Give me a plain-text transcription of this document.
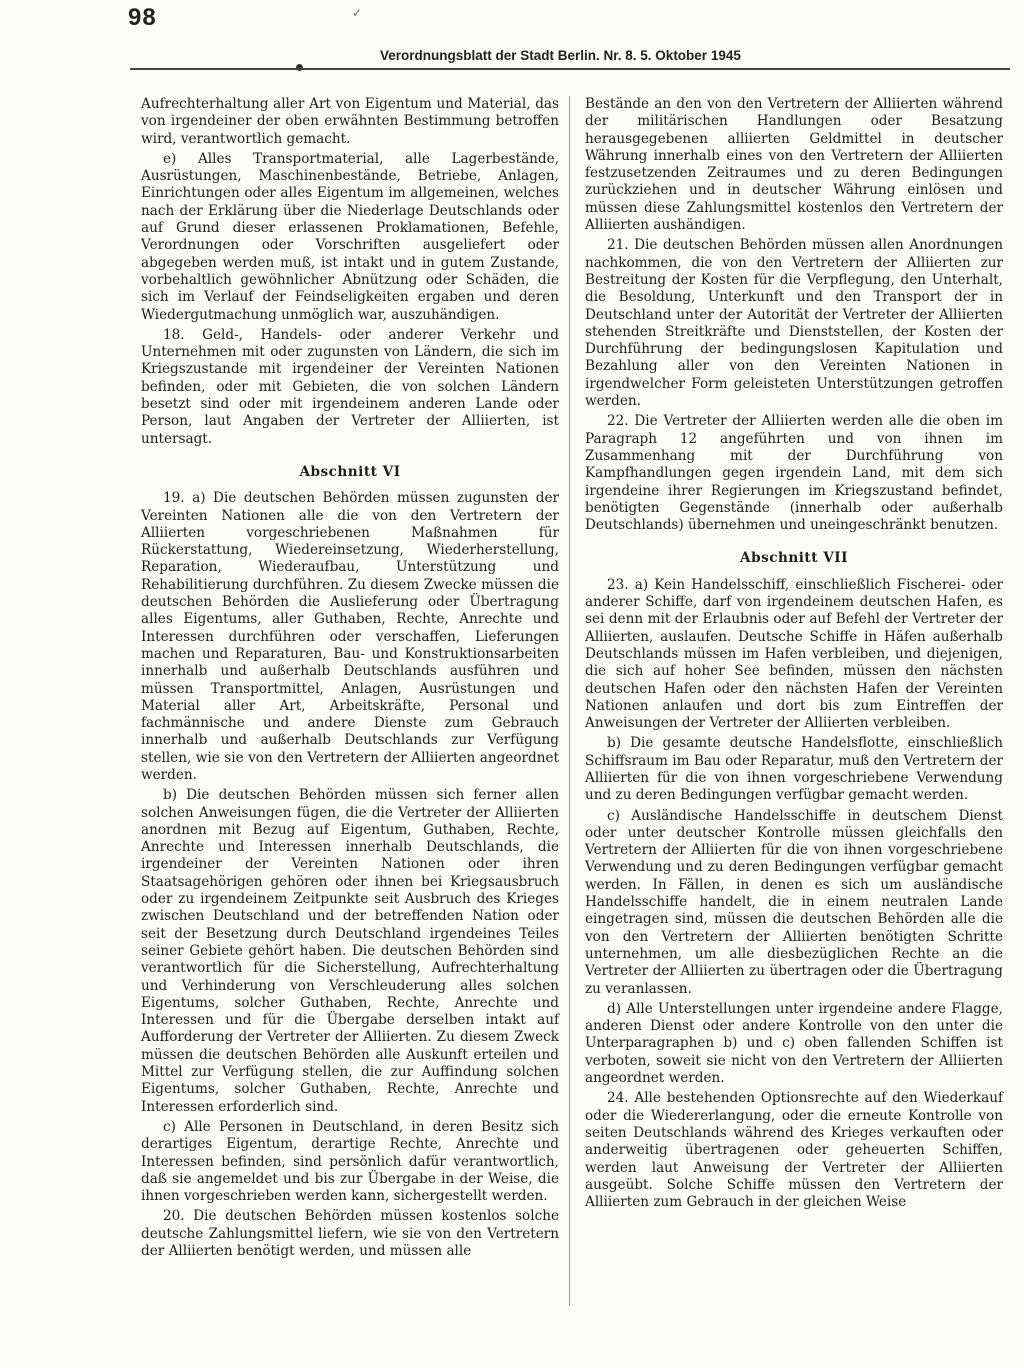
98
Verordnungsblatt der Stadt Berlin. Nr. 8. 5. Oktober 1945

Aufrechterhaltung aller Art von Eigentum und Material, das von irgendeiner der oben erwähnten Bestimmung betroffen wird, verantwortlich gemacht.

e) Alles Transportmaterial, alle Lagerbestände, Ausrüstungen, Maschinenbestände, Betriebe, Anlagen, Einrichtungen oder alles Eigentum im allgemeinen, welches nach der Erklärung über die Niederlage Deutschlands oder auf Grund dieser erlassenen Proklamationen, Befehle, Verordnungen oder Vorschriften ausgeliefert oder abgegeben werden muß, ist intakt und in gutem Zustande, vorbehaltlich gewöhnlicher Abnützung oder Schäden, die sich im Verlauf der Feindseligkeiten ergaben und deren Wiedergutmachung unmöglich war, auszuhändigen.

18. Geld-, Handels- oder anderer Verkehr und Unternehmen mit oder zugunsten von Ländern, die sich im Kriegszustande mit irgendeiner der Vereinten Nationen befinden, oder mit Gebieten, die von solchen Ländern besetzt sind oder mit irgendeinem anderen Lande oder Person, laut Angaben der Vertreter der Alliierten, ist untersagt.

Abschnitt VI

19. a) Die deutschen Behörden müssen zugunsten der Vereinten Nationen alle die von den Vertretern der Alliierten vorgeschriebenen Maßnahmen für Rückerstattung, Wiedereinsetzung, Wiederherstellung, Reparation, Wiederaufbau, Unterstützung und Rehabilitierung durchführen. Zu diesem Zwecke müssen die deutschen Behörden die Auslieferung oder Übertragung alles Eigentums, aller Guthaben, Rechte, Anrechte und Interessen durchführen oder verschaffen, Lieferungen machen und Reparaturen, Bau- und Konstruktionsarbeiten innerhalb und außerhalb Deutschlands ausführen und müssen Transportmittel, Anlagen, Ausrüstungen und Material aller Art, Arbeitskräfte, Personal und fachmännische und andere Dienste zum Gebrauch innerhalb und außerhalb Deutschlands zur Verfügung stellen, wie sie von den Vertretern der Alliierten angeordnet werden.

b) Die deutschen Behörden müssen sich ferner allen solchen Anweisungen fügen, die die Vertreter der Alliierten anordnen mit Bezug auf Eigentum, Guthaben, Rechte, Anrechte und Interessen innerhalb Deutschlands, die irgendeiner der Vereinten Nationen oder ihren Staatsagehörigen gehören oder ihnen bei Kriegsausbruch oder zu irgendeinem Zeitpunkte seit Ausbruch des Krieges zwischen Deutschland und der betreffenden Nation oder seit der Besetzung durch Deutschland irgendeines Teiles seiner Gebiete gehört haben. Die deutschen Behörden sind verantwortlich für die Sicherstellung, Aufrechterhaltung und Verhinderung von Verschleuderung alles solchen Eigentums, solcher Guthaben, Rechte, Anrechte und Interessen und für die Übergabe derselben intakt auf Aufforderung der Vertreter der Alliierten. Zu diesem Zweck müssen die deutschen Behörden alle Auskunft erteilen und Mittel zur Verfügung stellen, die zur Auffindung solchen Eigentums, solcher Guthaben, Rechte, Anrechte und Interessen erforderlich sind.

c) Alle Personen in Deutschland, in deren Besitz sich derartiges Eigentum, derartige Rechte, Anrechte und Interessen befinden, sind persönlich dafür verantwortlich, daß sie angemeldet und bis zur Übergabe in der Weise, die ihnen vorgeschrieben werden kann, sichergestellt werden.

20. Die deutschen Behörden müssen kostenlos solche deutsche Zahlungsmittel liefern, wie sie von den Vertretern der Alliierten benötigt werden, und müssen alle

Bestände an den von den Vertretern der Alliierten während der militärischen Handlungen oder Besatzung herausgegebenen alliierten Geldmittel in deutscher Währung innerhalb eines von den Vertretern der Alliierten festzusetzenden Zeitraumes und zu deren Bedingungen zurückziehen und in deutscher Währung einlösen und müssen diese Zahlungsmittel kostenlos den Vertretern der Alliierten aushändigen.

21. Die deutschen Behörden müssen allen Anordnungen nachkommen, die von den Vertretern der Alliierten zur Bestreitung der Kosten für die Verpflegung, den Unterhalt, die Besoldung, Unterkunft und den Transport der in Deutschland unter der Autorität der Vertreter der Alliierten stehenden Streitkräfte und Dienststellen, der Kosten der Durchführung der bedingungslosen Kapitulation und Bezahlung aller von den Vereinten Nationen in irgendwelcher Form geleisteten Unterstützungen getroffen werden.

22. Die Vertreter der Alliierten werden alle die oben im Paragraph 12 angeführten und von ihnen im Zusammenhang mit der Durchführung von Kampfhandlungen gegen irgendein Land, mit dem sich irgendeine ihrer Regierungen im Kriegszustand befindet, benötigten Gegenstände (innerhalb oder außerhalb Deutschlands) übernehmen und uneingeschränkt benutzen.

Abschnitt VII

23. a) Kein Handelsschiff, einschließlich Fischerei- oder anderer Schiffe, darf von irgendeinem deutschen Hafen, es sei denn mit der Erlaubnis oder auf Befehl der Vertreter der Alliierten, auslaufen. Deutsche Schiffe in Häfen außerhalb Deutschlands müssen im Hafen verbleiben, und diejenigen, die sich auf hoher See befinden, müssen den nächsten deutschen Hafen oder den nächsten Hafen der Vereinten Nationen anlaufen und dort bis zum Eintreffen der Anweisungen der Vertreter der Alliierten verbleiben.

b) Die gesamte deutsche Handelsflotte, einschließlich Schiffsraum im Bau oder Reparatur, muß den Vertretern der Alliierten für die von ihnen vorgeschriebene Verwendung und zu deren Bedingungen verfügbar gemacht werden.

c) Ausländische Handelsschiffe in deutschem Dienst oder unter deutscher Kontrolle müssen gleichfalls den Vertretern der Alliierten für die von ihnen vorgeschriebene Verwendung und zu deren Bedingungen verfügbar gemacht werden. In Fällen, in denen es sich um ausländische Handelsschiffe handelt, die in einem neutralen Lande eingetragen sind, müssen die deutschen Behörden alle die von den Vertretern der Alliierten benötigten Schritte unternehmen, um alle diesbezüglichen Rechte an die Vertreter der Alliierten zu übertragen oder die Übertragung zu veranlassen.

d) Alle Unterstellungen unter irgendeine andere Flagge, anderen Dienst oder andere Kontrolle von den unter die Unterparagraphen b) und c) oben fallenden Schiffen ist verboten, soweit sie nicht von den Vertretern der Alliierten angeordnet werden.

24. Alle bestehenden Optionsrechte auf den Wiederkauf oder die Wiedererlangung, oder die erneute Kontrolle von seiten Deutschlands während des Krieges verkauften oder anderweitig übertragenen oder geheuerten Schiffen, werden laut Anweisung der Vertreter der Alliierten ausgeübt. Solche Schiffe müssen den Vertretern der Alliierten zum Gebrauch in der gleichen Weise

✓
